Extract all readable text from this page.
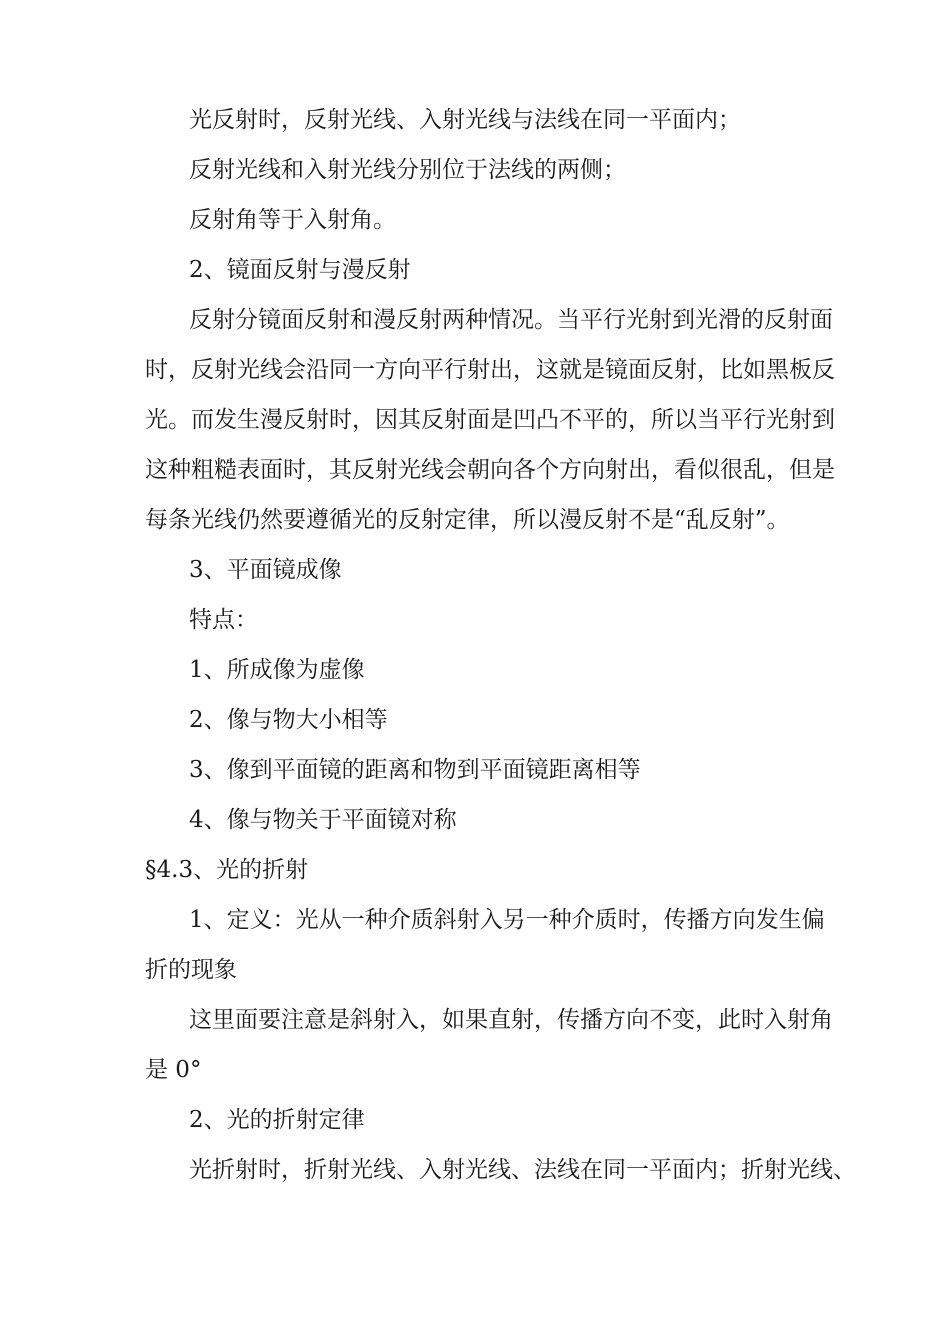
光反射时，反射光线、入射光线与法线在同一平面内；

反射光线和入射光线分别位于法线的两侧；

反射角等于入射角。

2、镜面反射与漫反射

反射分镜面反射和漫反射两种情况。当平行光射到光滑的反射面

时，反射光线会沿同一方向平行射出，这就是镜面反射，比如黑板反

光。而发生漫反射时，因其反射面是凹凸不平的，所以当平行光射到

这种粗糙表面时，其反射光线会朝向各个方向射出，看似很乱，但是

每条光线仍然要遵循光的反射定律，所以漫反射不是“乱反射”。

3、平面镜成像

特点：

1、所成像为虚像

2、像与物大小相等

3、像到平面镜的距离和物到平面镜距离相等

4、像与物关于平面镜对称

§4.3、光的折射

1、定义：光从一种介质斜射入另一种介质时，传播方向发生偏

折的现象

这里面要注意是斜射入，如果直射，传播方向不变，此时入射角

是 0°

2、光的折射定律

光折射时，折射光线、入射光线、法线在同一平面内；折射光线、
